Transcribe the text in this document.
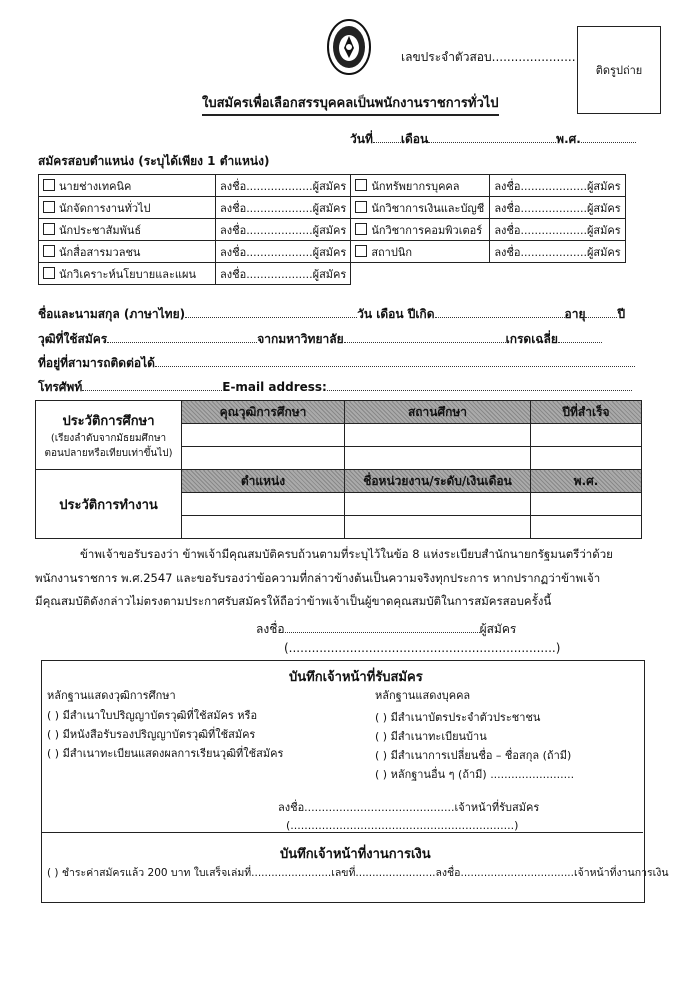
เลขประจำตัวสอบ......................
ติดรูปถ่าย
ใบสมัครเพื่อเลือกสรรบุคคลเป็นพนักงานราชการทั่วไป
วันที่ เดือน	พ.ศ.
สมัครสอบตำแหน่ง (ระบุได้เพียง 1 ตำแหน่ง)
นายช่างเทคนิค	ลงชื่อ...................ผู้สมัคร	นักทรัพยากรบุคคล	ลงชื่อ...................ผู้สมัคร
นักจัดการงานทั่วไป	ลงชื่อ...................ผู้สมัคร	นักวิชาการเงินและบัญชี	ลงชื่อ...................ผู้สมัคร
นักประชาสัมพันธ์	ลงชื่อ...................ผู้สมัคร	นักวิชาการคอมพิวเตอร์	ลงชื่อ...................ผู้สมัคร
นักสื่อสารมวลชน	ลงชื่อ...................ผู้สมัคร	สถาปนิก	ลงชื่อ...................ผู้สมัคร
นักวิเคราะห์นโยบายและแผน	ลงชื่อ...................ผู้สมัคร		
ชื่อและนามสกุล (ภาษาไทย)	วัน เดือน ปีเกิด	อายุ	ปี
วุฒิที่ใช้สมัคร	จากมหาวิทยาลัย	เกรดเฉลี่ย
ที่อยู่ที่สามารถติดต่อได้
โทรศัพท์	E-mail address:
ประวัติการศึกษา
(เรียงลำดับจากมัธยมศึกษา
ตอนปลายหรือเทียบเท่าขึ้นไป)	คุณวุฒิการศึกษา	สถานศึกษา	ปีที่สำเร็จ

ประวัติการทำงาน	ตำแหน่ง	ชื่อหน่วยงาน/ระดับ/เงินเดือน	พ.ศ.

ข้าพเจ้าขอรับรองว่า ข้าพเจ้ามีคุณสมบัติครบถ้วนตามที่ระบุไว้ในข้อ 8 แห่งระเบียบสำนักนายกรัฐมนตรีว่าด้วย
พนักงานราชการ พ.ศ.2547 และขอรับรองว่าข้อความที่กล่าวข้างต้นเป็นความจริงทุกประการ หากปรากฏว่าข้าพเจ้า
มีคุณสมบัติดังกล่าวไม่ตรงตามประกาศรับสมัครให้ถือว่าข้าพเจ้าเป็นผู้ขาดคุณสมบัติในการสมัครสอบครั้งนี้
ลงชื่อ	ผู้สมัคร
(......................................................................)
บันทึกเจ้าหน้าที่รับสมัคร
หลักฐานแสดงวุฒิการศึกษา
( ) มีสำเนาใบปริญญาบัตรวุฒิที่ใช้สมัคร หรือ
( ) มีหนังสือรับรองปริญญาบัตรวุฒิที่ใช้สมัคร
( ) มีสำเนาทะเบียนแสดงผลการเรียนวุฒิที่ใช้สมัคร
หลักฐานแสดงบุคคล
( ) มีสำเนาบัตรประจำตัวประชาชน
( ) มีสำเนาทะเบียนบ้าน
( ) มีสำเนาการเปลี่ยนชื่อ – ชื่อสกุล (ถ้ามี)
( ) หลักฐานอื่น ๆ (ถ้ามี) ........................
ลงชื่อ...........................................เจ้าหน้าที่รับสมัคร
(................................................................)
บันทึกเจ้าหน้าที่งานการเงิน
( ) ชำระค่าสมัครแล้ว 200 บาท ใบเสร็จเล่มที่........................เลขที่........................ลงชื่อ..................................เจ้าหน้าที่งานการเงิน
